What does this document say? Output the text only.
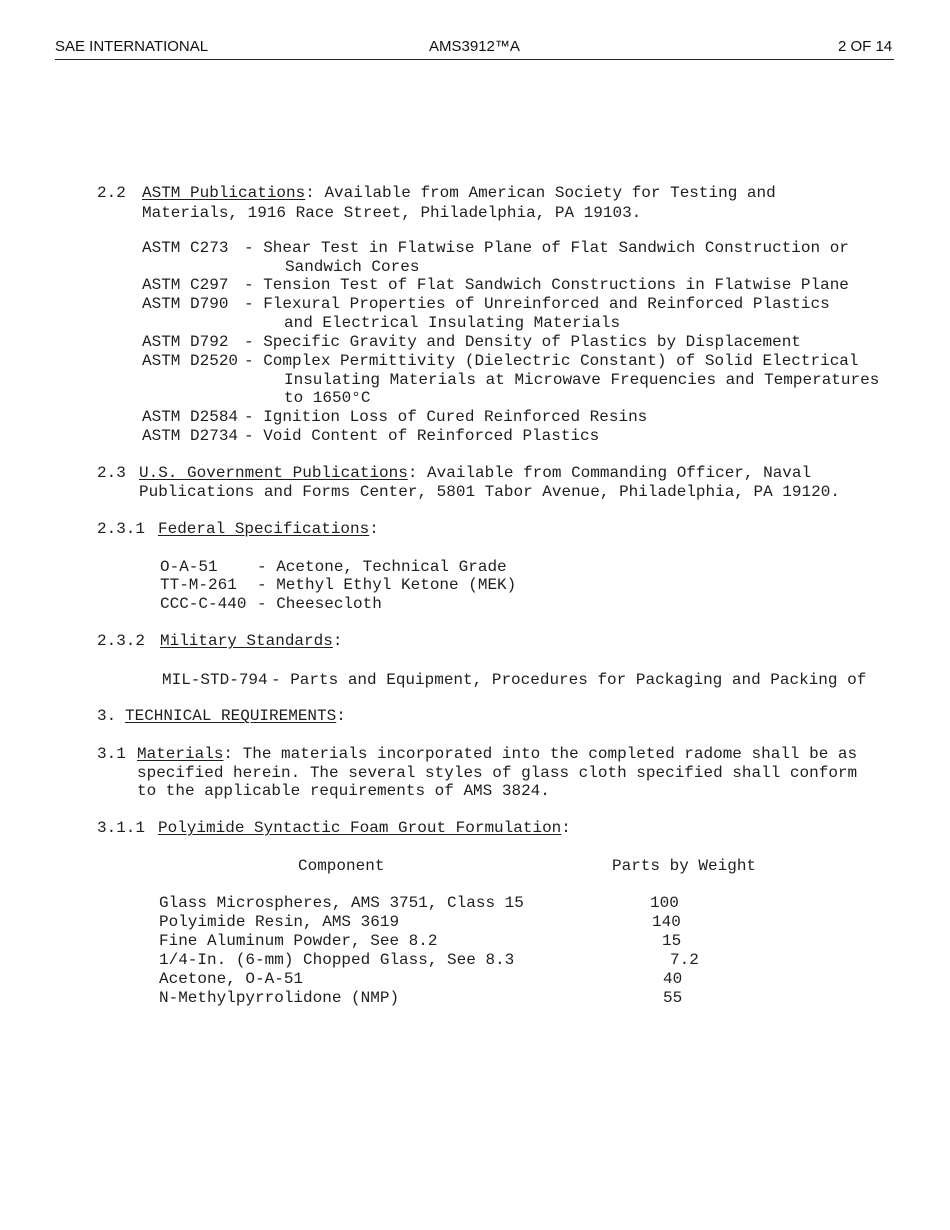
SAE INTERNATIONAL	AMS3912™A	2 OF 14
2.2 ASTM Publications: Available from American Society for Testing and
Materials, 1916 Race Street, Philadelphia, PA 19103.
ASTM C273 - Shear Test in Flatwise Plane of Flat Sandwich Construction or
Sandwich Cores
ASTM C297 - Tension Test of Flat Sandwich Constructions in Flatwise Plane
ASTM D790 - Flexural Properties of Unreinforced and Reinforced Plastics
and Electrical Insulating Materials
ASTM D792 - Specific Gravity and Density of Plastics by Displacement
ASTM D2520 - Complex Permittivity (Dielectric Constant) of Solid Electrical
Insulating Materials at Microwave Frequencies and Temperatures
to 1650°C
ASTM D2584 - Ignition Loss of Cured Reinforced Resins
ASTM D2734 - Void Content of Reinforced Plastics
2.3 U.S. Government Publications: Available from Commanding Officer, Naval
Publications and Forms Center, 5801 Tabor Avenue, Philadelphia, PA 19120.
2.3.1 Federal Specifications:
O-A-51 - Acetone, Technical Grade
TT-M-261 - Methyl Ethyl Ketone (MEK)
CCC-C-440 - Cheesecloth
2.3.2 Military Standards:
MIL-STD-794 - Parts and Equipment, Procedures for Packaging and Packing of
3. TECHNICAL REQUIREMENTS:
3.1 Materials: The materials incorporated into the completed radome shall be as
specified herein. The several styles of glass cloth specified shall conform
to the applicable requirements of AMS 3824.
3.1.1 Polyimide Syntactic Foam Grout Formulation:
Component	Parts by Weight
Glass Microspheres, AMS 3751, Class 15	100
Polyimide Resin, AMS 3619	140
Fine Aluminum Powder, See 8.2	15
1/4-In. (6-mm) Chopped Glass, See 8.3	7.2
Acetone, O-A-51	40
N-Methylpyrrolidone (NMP)	55
